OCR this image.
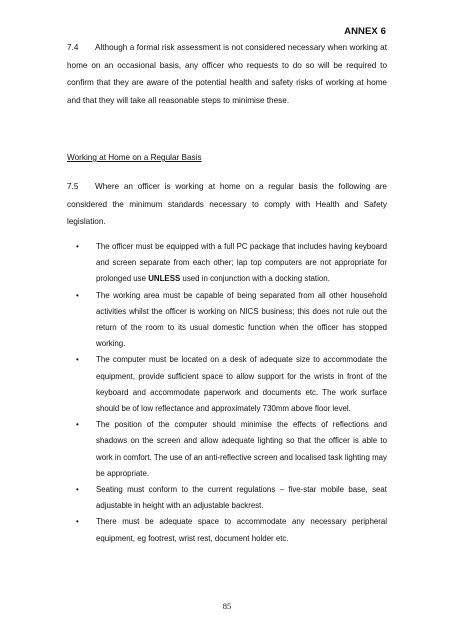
ANNEX 6
7.4 Although a formal risk assessment is not considered necessary when working at home on an occasional basis, any officer who requests to do so will be required to confirm that they are aware of the potential health and safety risks of working at home and that they will take all reasonable steps to minimise these.
Working at Home on a Regular Basis
7.5 Where an officer is working at home on a regular basis the following are considered the minimum standards necessary to comply with Health and Safety legislation.
• The officer must be equipped with a full PC package that includes having keyboard and screen separate from each other; lap top computers are not appropriate for prolonged use UNLESS used in conjunction with a docking station.
• The working area must be capable of being separated from all other household activities whilst the officer is working on NICS business; this does not rule out the return of the room to its usual domestic function when the officer has stopped working.
• The computer must be located on a desk of adequate size to accommodate the equipment, provide sufficient space to allow support for the wrists in front of the keyboard and accommodate paperwork and documents etc. The work surface should be of low reflectance and approximately 730mm above floor level.
• The position of the computer should minimise the effects of reflections and shadows on the screen and allow adequate lighting so that the officer is able to work in comfort. The use of an anti-reflective screen and localised task lighting may be appropriate.
• Seating must conform to the current regulations – five-star mobile base, seat adjustable in height with an adjustable backrest.
• There must be adequate space to accommodate any necessary peripheral equipment, eg footrest, wrist rest, document holder etc.
85
